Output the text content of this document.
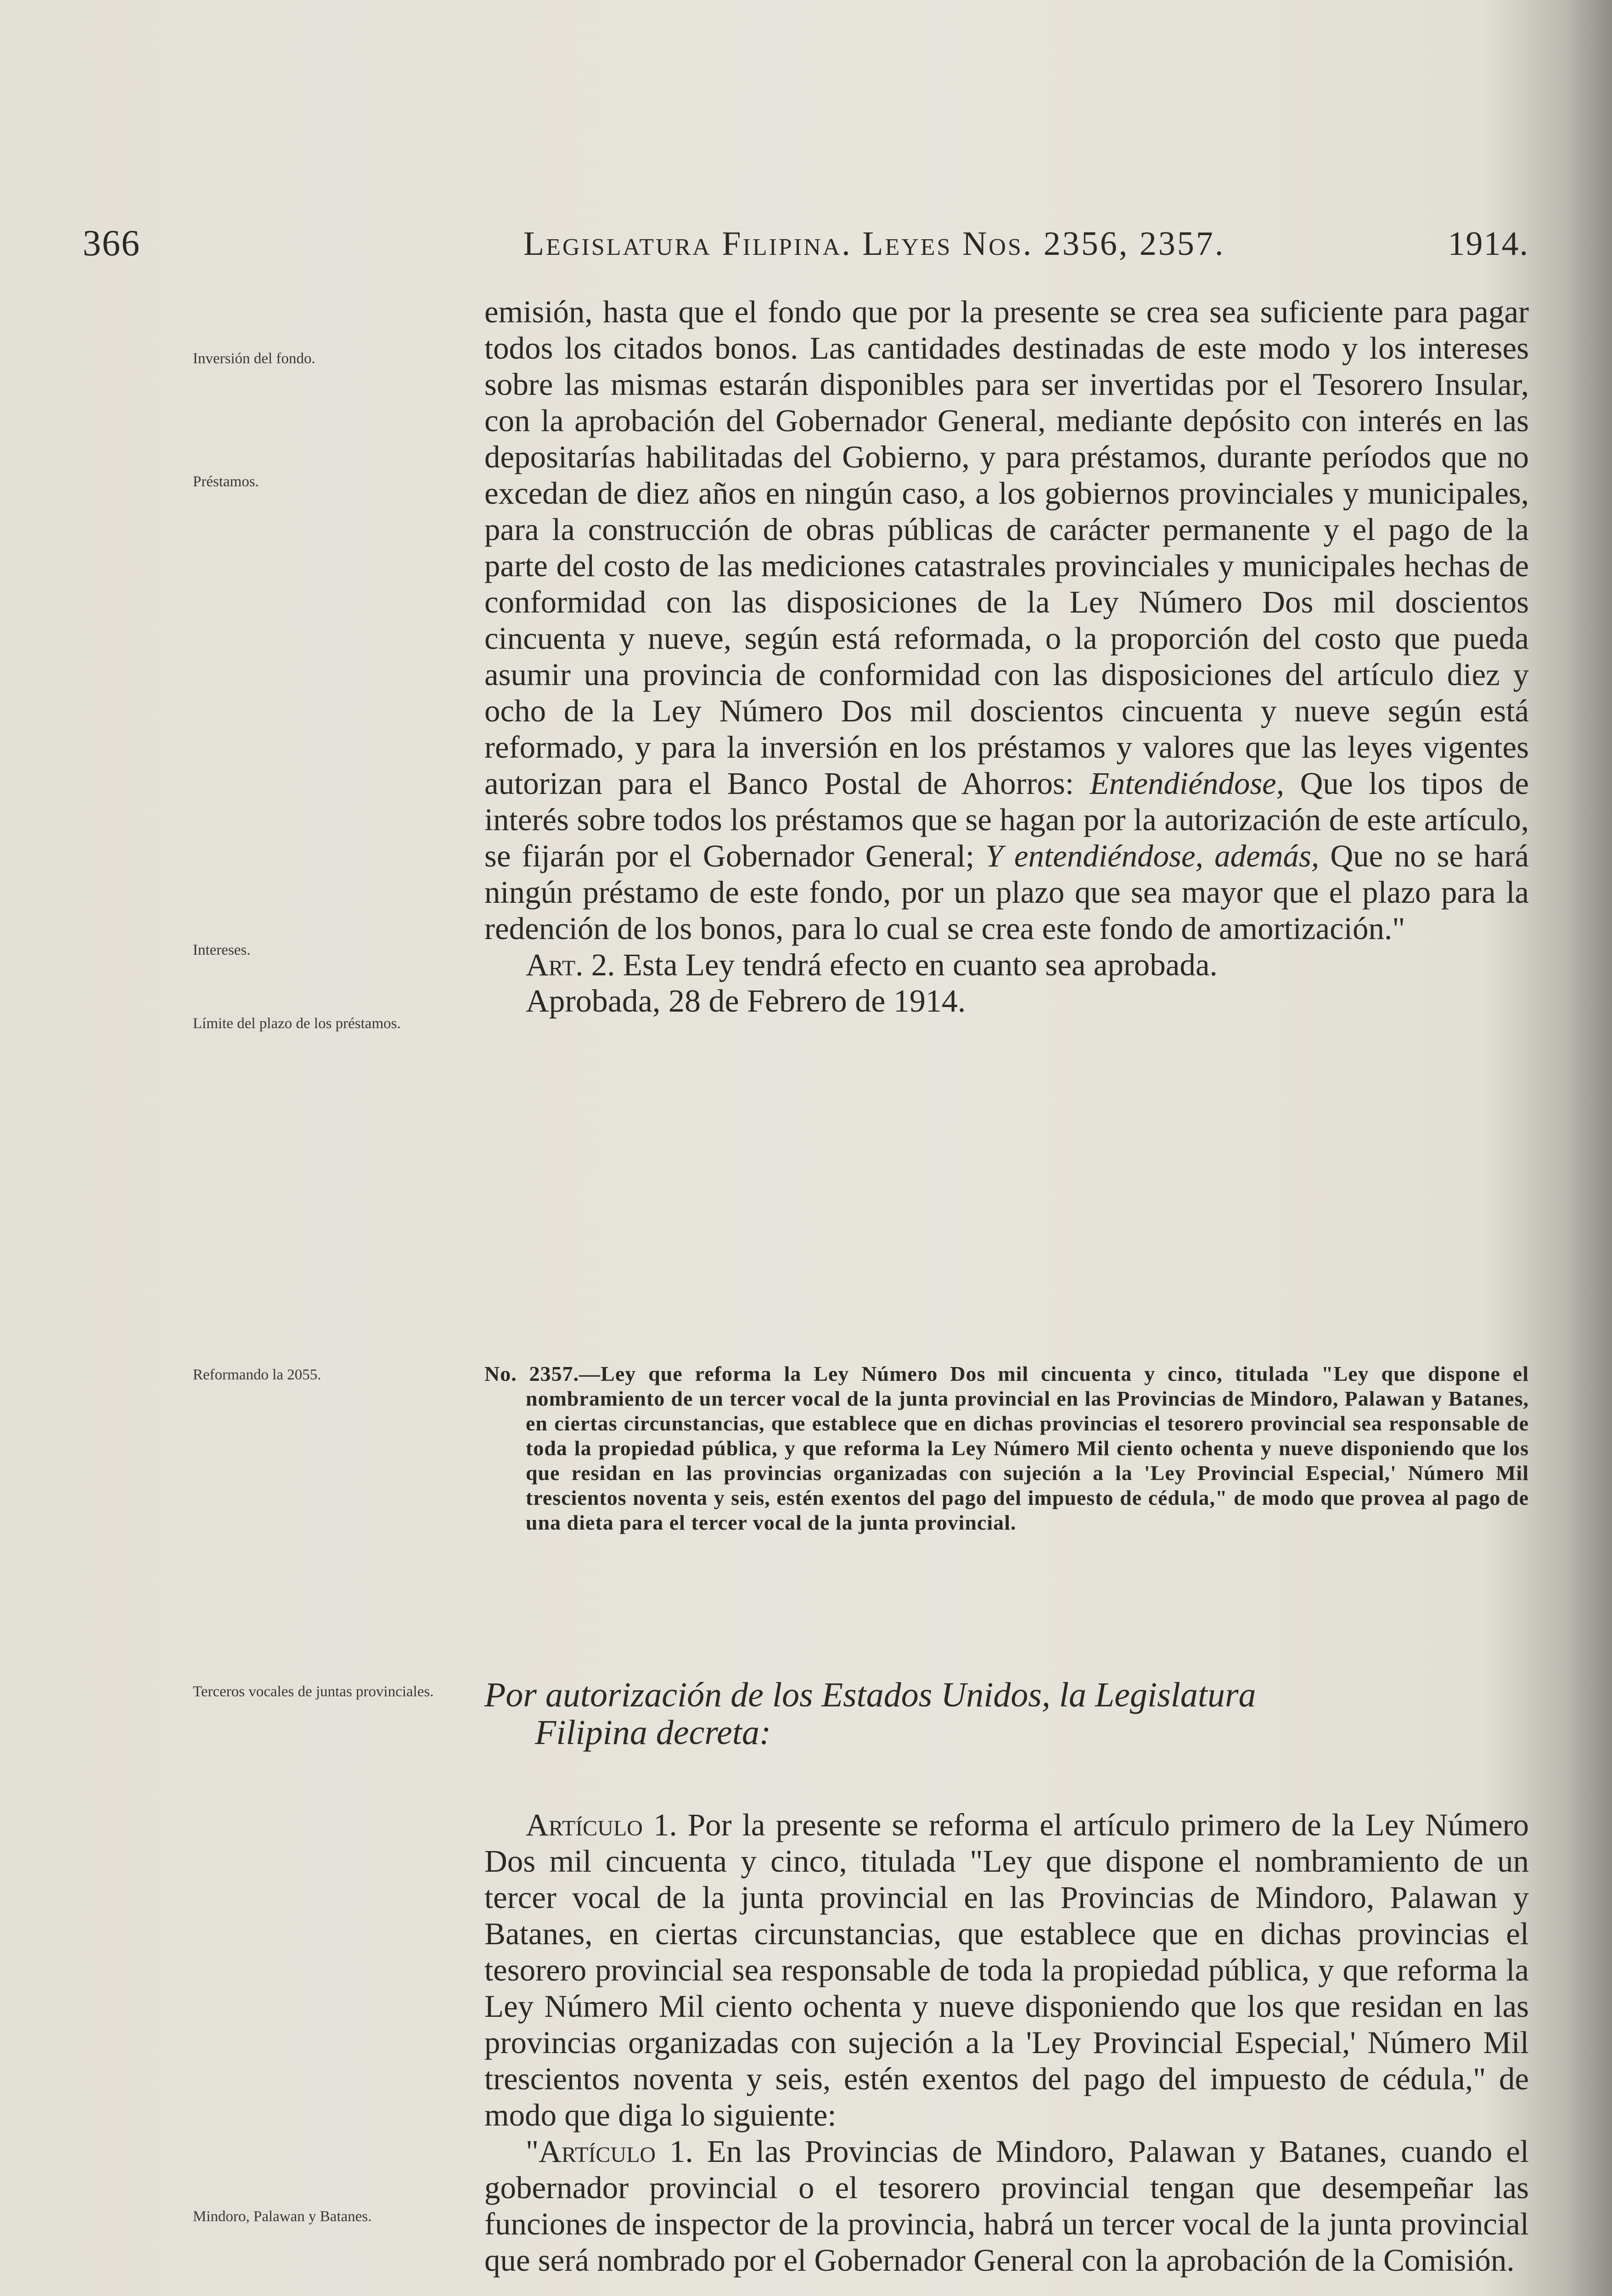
366	Legislatura Filipina. Leyes Nos. 2356, 2357.	1914.
Inversión del fondo.
Préstamos.
Intereses.
Límite del plazo de los préstamos.
Reformando la 2055.
Terceros vocales de juntas provinciales.
Mindoro, Palawan y Batanes.

emisión, hasta que el fondo que por la presente se crea sea suficiente para pagar todos los citados bonos. Las cantidades destinadas de este modo y los intereses sobre las mismas estarán disponibles para ser invertidas por el Tesorero Insular, con la aprobación del Gobernador General, mediante depósito con interés en las depositarías habilitadas del Gobierno, y para préstamos, durante períodos que no excedan de diez años en ningún caso, a los gobiernos provinciales y municipales, para la construcción de obras públicas de carácter permanente y el pago de la parte del costo de las mediciones catastrales provinciales y municipales hechas de conformidad con las disposiciones de la Ley Número Dos mil doscientos cincuenta y nueve, según está reformada, o la proporción del costo que pueda asumir una provincia de conformidad con las disposiciones del artículo diez y ocho de la Ley Número Dos mil doscientos cincuenta y nueve según está reformado, y para la inversión en los préstamos y valores que las leyes vigentes autorizan para el Banco Postal de Ahorros: Entendiéndose, Que los tipos de interés sobre todos los préstamos que se hagan por la autorización de este artículo, se fijarán por el Gobernador General; Y entendiéndose, además, Que no se hará ningún préstamo de este fondo, por un plazo que sea mayor que el plazo para la redención de los bonos, para lo cual se crea este fondo de amortización."

Art. 2. Esta Ley tendrá efecto en cuanto sea aprobada.

Aprobada, 28 de Febrero de 1914.

No. 2357.—Ley que reforma la Ley Número Dos mil cincuenta y cinco, titulada "Ley que dispone el nombramiento de un tercer vocal de la junta provincial en las Provincias de Mindoro, Palawan y Batanes, en ciertas circunstancias, que establece que en dichas provincias el tesorero provincial sea responsable de toda la propiedad pública, y que reforma la Ley Número Mil ciento ochenta y nueve disponiendo que los que residan en las provincias organizadas con sujeción a la 'Ley Provincial Especial,' Número Mil trescientos noventa y seis, estén exentos del pago del impuesto de cédula," de modo que provea al pago de una dieta para el tercer vocal de la junta provincial.
Por autorización de los Estados Unidos, la Legislatura
Filipina decreta:

Artículo 1. Por la presente se reforma el artículo primero de la Ley Número Dos mil cincuenta y cinco, titulada "Ley que dispone el nombramiento de un tercer vocal de la junta provincial en las Provincias de Mindoro, Palawan y Batanes, en ciertas circunstancias, que establece que en dichas provincias el tesorero provincial sea responsable de toda la propiedad pública, y que reforma la Ley Número Mil ciento ochenta y nueve disponiendo que los que residan en las provincias organizadas con sujeción a la 'Ley Provincial Especial,' Número Mil trescientos noventa y seis, estén exentos del pago del impuesto de cédula," de modo que diga lo siguiente:

"Artículo 1. En las Provincias de Mindoro, Palawan y Batanes, cuando el gobernador provincial o el tesorero provincial tengan que desempeñar las funciones de inspector de la provincia, habrá un tercer vocal de la junta provincial que será nombrado por el Gobernador General con la aprobación de la Comisión.
